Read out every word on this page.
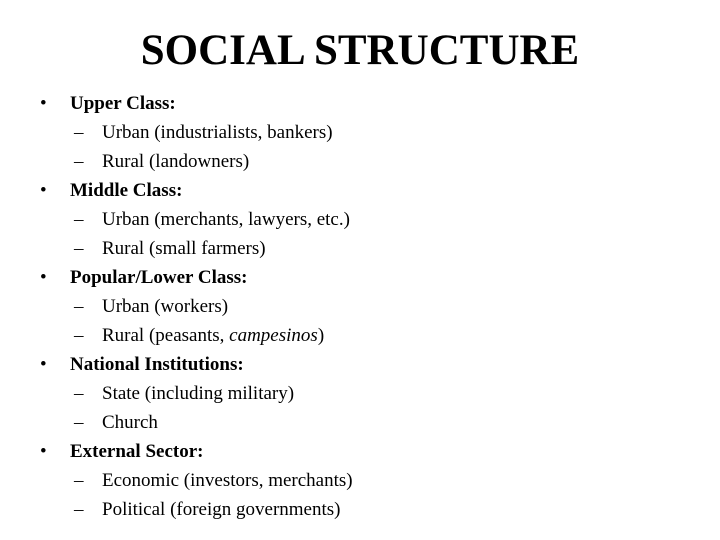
SOCIAL STRUCTURE
• Upper Class:
– Urban (industrialists, bankers)
– Rural (landowners)
• Middle Class:
– Urban (merchants, lawyers, etc.)
– Rural (small farmers)
• Popular/Lower Class:
– Urban (workers)
– Rural (peasants, campesinos)
• National Institutions:
– State (including military)
– Church
• External Sector:
– Economic (investors, merchants)
– Political (foreign governments)
